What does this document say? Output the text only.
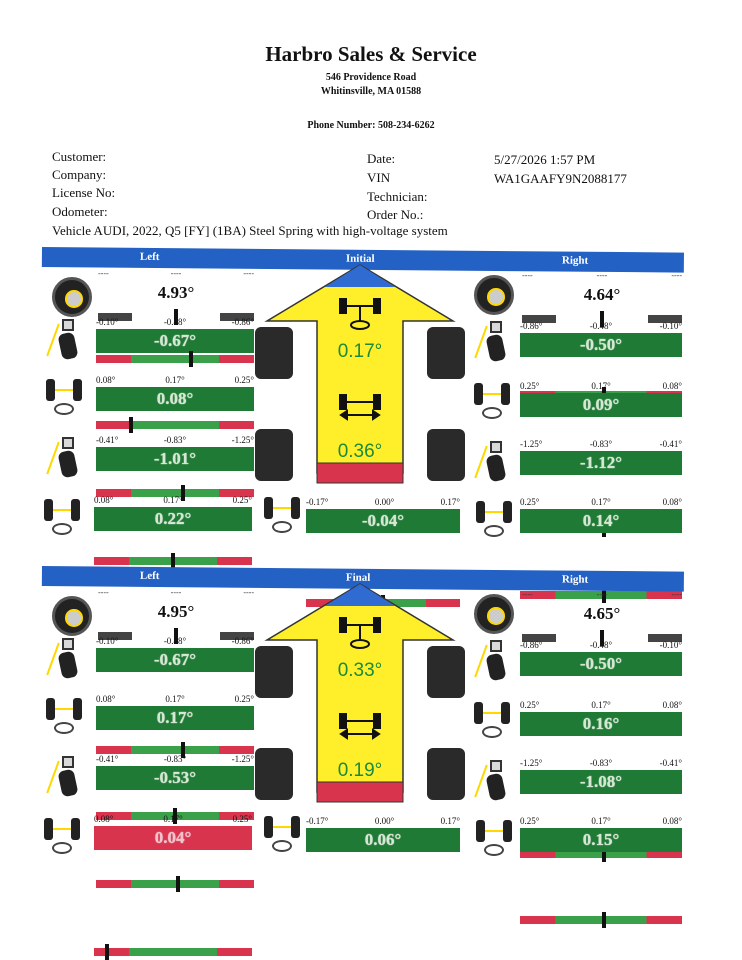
Harbro Sales & Service
546 Providence Road
Whitinsville, MA 01588
Phone Number: 508-234-6262
Customer:
Company:
License No:
Odometer:
Date:	5/27/2026 1:57 PM
VIN	WA1GAAFY9N2088177
Technician:
Order No.:
Vehicle AUDI, 2022, Q5 [FY] (1BA) Steel Spring with high-voltage system
Left	Initial	Right
----	----	----
4.93°
-0.10°	-0.48°	-0.86°
-0.67°
0.08°	0.17°	0.25°
0.08°
-0.41°	-0.83°	-1.25°
-1.01°
0.08°	0.17°	0.25°
0.22°
----	----	----
4.64°
-0.86°	-0.48°	-0.10°
-0.50°
0.25°	0.17°	0.08°
0.09°
-1.25°	-0.83°	-0.41°
-1.12°
0.25°	0.17°	0.08°
0.14°
0.17°
0.36°
-0.17°	0.00°	0.17°
-0.04°
Left	Final	Right
----	----	----
4.95°
-0.10°	-0.48°	-0.86°
-0.67°
0.08°	0.17°	0.25°
0.17°
-0.41°	-0.83°	-1.25°
-0.53°
0.08°	0.17°	0.25°
0.04°
----	----	----
4.65°
-0.86°	-0.48°	-0.10°
-0.50°
0.25°	0.17°	0.08°
0.16°
-1.25°	-0.83°	-0.41°
-1.08°
0.25°	0.17°	0.08°
0.15°
0.33°
0.19°
-0.17°	0.00°	0.17°
0.06°
